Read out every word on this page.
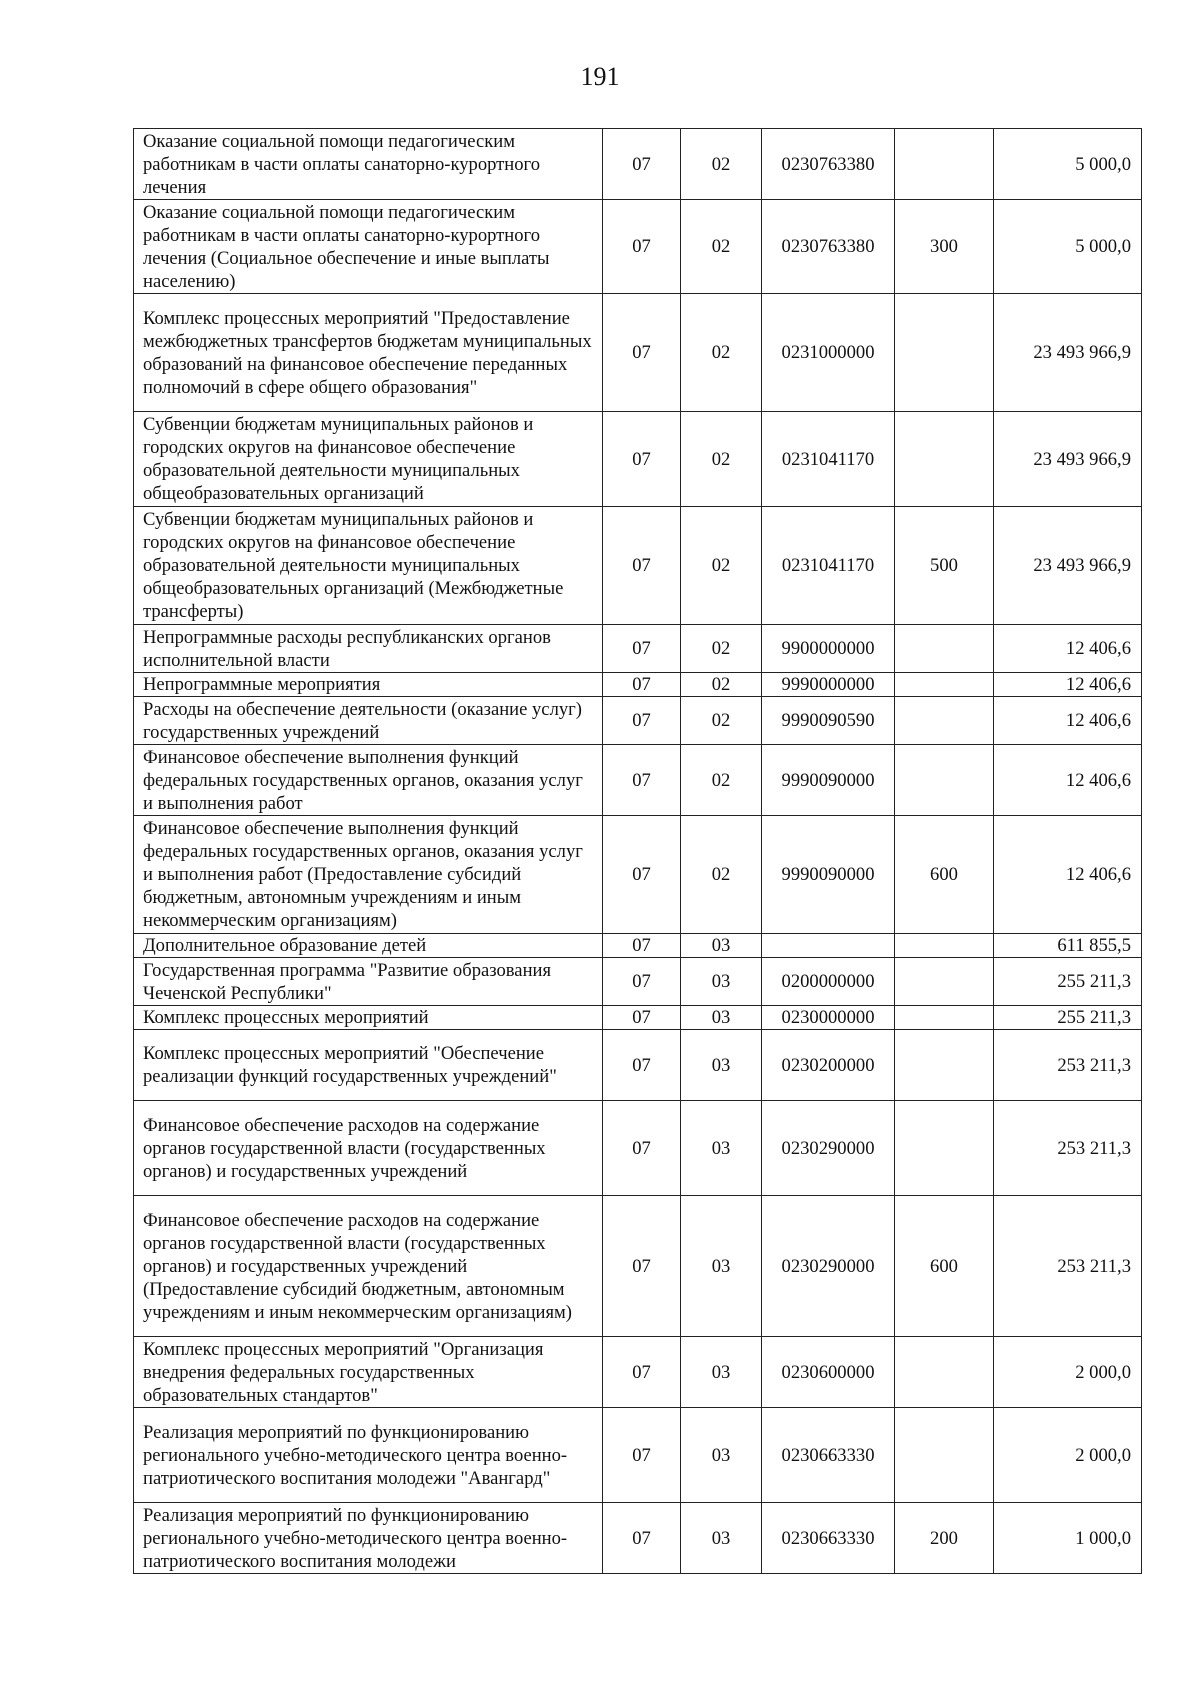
191
Оказание социальной помощи педагогическим работникам в части оплаты санаторно-курортного лечения	07	02	0230763380		5 000,0
Оказание социальной помощи педагогическим работникам в части оплаты санаторно-курортного лечения (Социальное обеспечение и иные выплаты населению)	07	02	0230763380	300	5 000,0
Комплекс процессных мероприятий "Предоставление межбюджетных трансфертов бюджетам муниципальных образований на финансовое обеспечение переданных полномочий в сфере общего образования"	07	02	0231000000		23 493 966,9
Субвенции бюджетам муниципальных районов и городских округов на финансовое обеспечение образовательной деятельности муниципальных общеобразовательных организаций	07	02	0231041170		23 493 966,9
Субвенции бюджетам муниципальных районов и городских округов на финансовое обеспечение образовательной деятельности муниципальных общеобразовательных организаций (Межбюджетные трансферты)	07	02	0231041170	500	23 493 966,9
Непрограммные расходы республиканских органов исполнительной власти	07	02	9900000000		12 406,6
Непрограммные мероприятия	07	02	9990000000		12 406,6
Расходы на обеспечение деятельности (оказание услуг) государственных учреждений	07	02	9990090590		12 406,6
Финансовое обеспечение выполнения функций федеральных государственных органов, оказания услуг и выполнения работ	07	02	9990090000		12 406,6
Финансовое обеспечение выполнения функций федеральных государственных органов, оказания услуг и выполнения работ (Предоставление субсидий бюджетным, автономным учреждениям и иным некоммерческим организациям)	07	02	9990090000	600	12 406,6
Дополнительное образование детей	07	03			611 855,5
Государственная программа "Развитие образования Чеченской Республики"	07	03	0200000000		255 211,3
Комплекс процессных мероприятий	07	03	0230000000		255 211,3
Комплекс процессных мероприятий "Обеспечение реализации функций государственных учреждений"	07	03	0230200000		253 211,3
Финансовое обеспечение расходов на содержание органов государственной власти (государственных органов) и государственных учреждений	07	03	0230290000		253 211,3
Финансовое обеспечение расходов на содержание органов государственной власти (государственных органов) и государственных учреждений (Предоставление субсидий бюджетным, автономным учреждениям и иным некоммерческим организациям)	07	03	0230290000	600	253 211,3
Комплекс процессных мероприятий "Организация внедрения федеральных государственных образовательных стандартов"	07	03	0230600000		2 000,0
Реализация мероприятий по функционированию регионального учебно-методического центра военно-патриотического воспитания молодежи "Авангард"	07	03	0230663330		2 000,0
Реализация мероприятий по функционированию регионального учебно-методического центра военно-патриотического воспитания молодежи	07	03	0230663330	200	1 000,0
